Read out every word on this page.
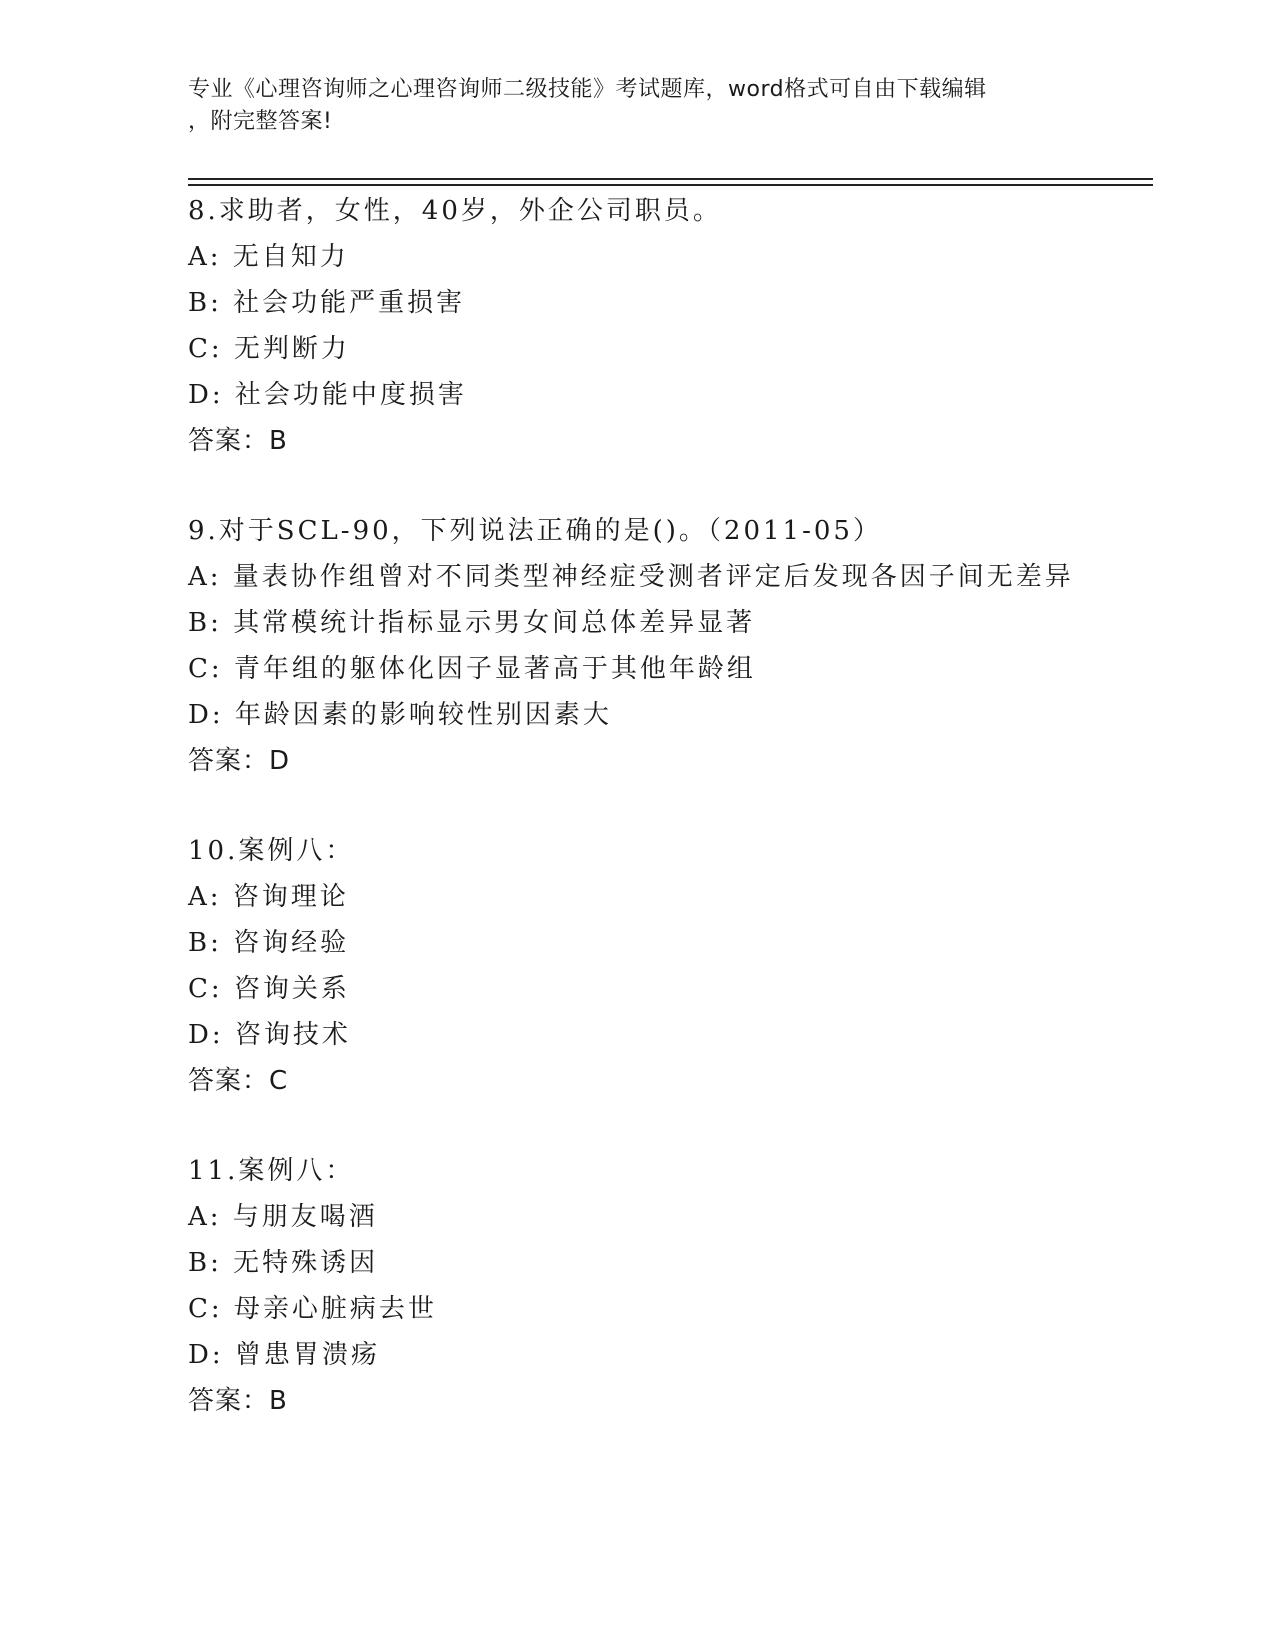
专业《心理咨询师之心理咨询师二级技能》考试题库，word格式可自由下载编辑
，附完整答案!
8.求助者，女性，40岁，外企公司职员。
A: 无自知力
B: 社会功能严重损害
C: 无判断力
D: 社会功能中度损害
答案：B
9.对于SCL-90，下列说法正确的是()。（2011-05）
A: 量表协作组曾对不同类型神经症受测者评定后发现各因子间无差异
B: 其常模统计指标显示男女间总体差异显著
C: 青年组的躯体化因子显著高于其他年龄组
D: 年龄因素的影响较性别因素大
答案：D
10.案例八：
A: 咨询理论
B: 咨询经验
C: 咨询关系
D: 咨询技术
答案：C
11.案例八：
A: 与朋友喝酒
B: 无特殊诱因
C: 母亲心脏病去世
D: 曾患胃溃疡
答案：B
